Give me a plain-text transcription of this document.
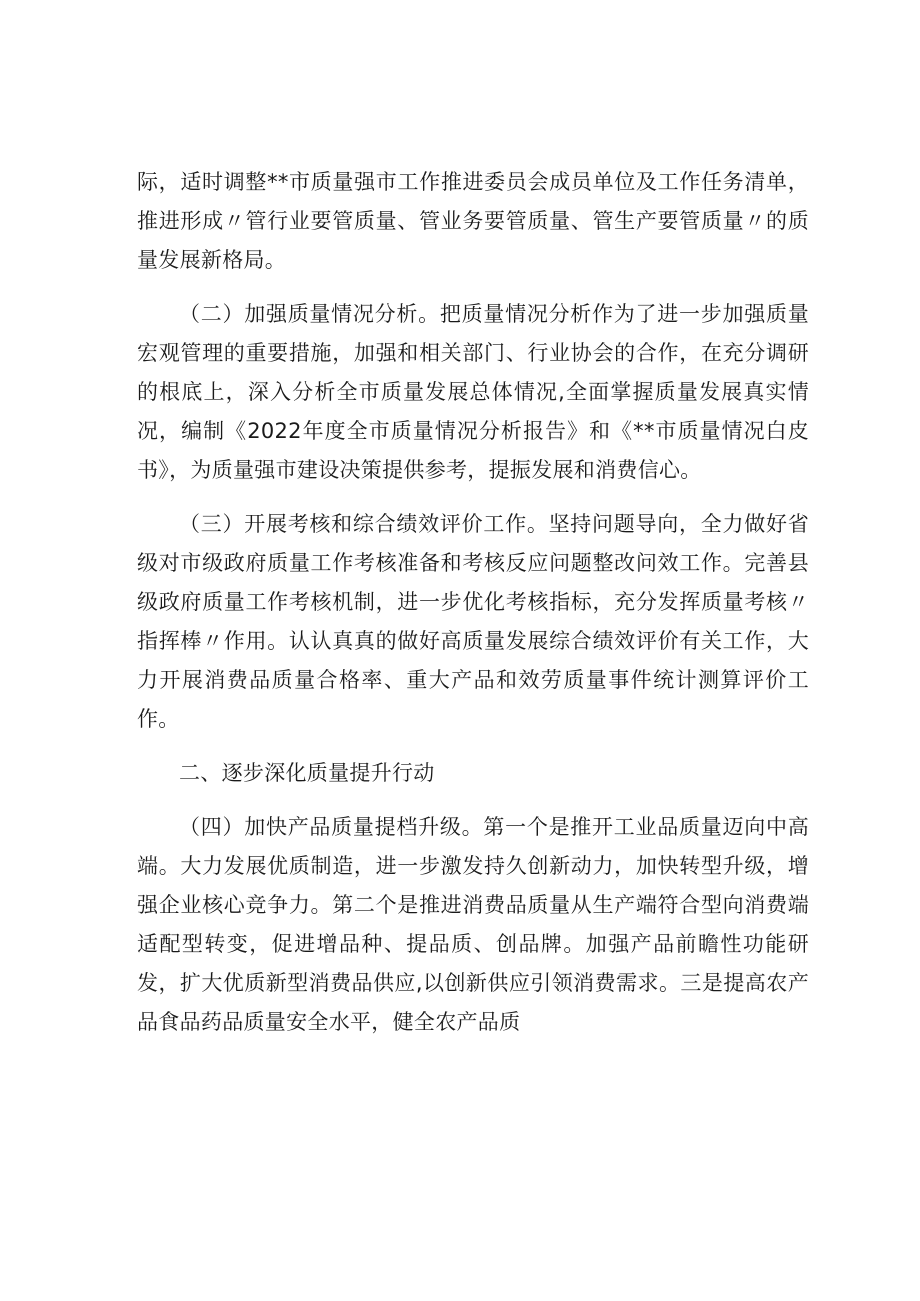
际，适时调整**市质量强市工作推进委员会成员单位及工作任务清单，推进形成〃管行业要管质量、管业务要管质量、管生产要管质量〃的质量发展新格局。

（二）加强质量情况分析。把质量情况分析作为了进一步加强质量宏观管理的重要措施，加强和相关部门、行业协会的合作，在充分调研的根底上，深入分析全市质量发展总体情况,全面掌握质量发展真实情况，编制《2022年度全市质量情况分析报告》和《**市质量情况白皮书》，为质量强市建设决策提供参考，提振发展和消费信心。

（三）开展考核和综合绩效评价工作。坚持问题导向，全力做好省级对市级政府质量工作考核准备和考核反应问题整改问效工作。完善县级政府质量工作考核机制，进一步优化考核指标，充分发挥质量考核〃指挥棒〃作用。认认真真的做好高质量发展综合绩效评价有关工作，大力开展消费品质量合格率、重大产品和效劳质量事件统计测算评价工作。

二、逐步深化质量提升行动

（四）加快产品质量提档升级。第一个是推开工业品质量迈向中高端。大力发展优质制造，进一步激发持久创新动力，加快转型升级，增强企业核心竞争力。第二个是推进消费品质量从生产端符合型向消费端适配型转变，促进增品种、提品质、创品牌。加强产品前瞻性功能研发，扩大优质新型消费品供应,以创新供应引领消费需求。三是提高农产品食品药品质量安全水平，健全农产品质
